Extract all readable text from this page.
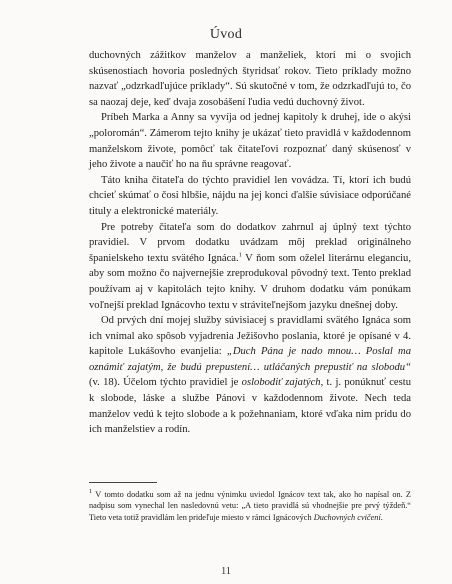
Úvod

duchovných zážitkov manželov a manželiek, ktorí mi o svojich skúsenostiach hovoria posledných štyridsať rokov. Tieto príklady možno nazvať „odzrkadľujúce príklady“. Sú skutočné v tom, že odzrkadľujú to, čo sa naozaj deje, keď dvaja zosobášení ľudia vedú duchovný život.

Príbeh Marka a Anny sa vyvíja od jednej kapitoly k druhej, ide o akýsi „poloromán“. Zámerom tejto knihy je ukázať tieto pravidlá v každodennom manželskom živote, pomôcť tak čitateľovi rozpoznať daný skúsenosť v jeho živote a naučiť ho na ňu správne reagovať.

Táto kniha čitateľa do týchto pravidiel len vovádza. Tí, ktorí ich budú chcieť skúmať o čosi hlbšie, nájdu na jej konci ďalšie súvisiace odporúčané tituly a elektronické materiály.

Pre potreby čitateľa som do dodatkov zahrnul aj úplný text týchto pravidiel. V prvom dodatku uvádzam môj preklad originálneho španielskeho textu svätého Ignáca.$^1$ V ňom som oželel literárnu eleganciu, aby som možno čo najvernejšie zreprodukoval pôvodný text. Tento preklad používam aj v kapitolách tejto knihy. V druhom dodatku vám ponúkam voľnejší preklad Ignácovho textu v stráviteľnejšom jazyku dnešnej doby.

Od prvých dní mojej služby súvisiacej s pravidlami svätého Ignáca som ich vnímal ako spôsob vyjadrenia Ježišovho poslania, ktoré je opísané v 4. kapitole Lukášovho evanjelia: „Duch Pána je nado mnou… Poslal ma oznámiť zajatým, že budú prepustení… utláčaných prepustiť na slobodu“ (v. 18). Účelom týchto pravidiel je oslobodiť zajatých, t. j. ponúknuť cestu k slobode, láske a službe Pánovi v každodennom živote. Nech teda manželov vedú k tejto slobode a k požehnaniam, ktoré vďaka nim prídu do ich manželstiev a rodín.

$^1$ V tomto dodatku som až na jednu výnimku uviedol Ignácov text tak, ako ho napísal on. Z nadpisu som vynechal len nasledovnú vetu: „A tieto pravidlá sú vhodnejšie pre prvý týždeň.“ Tieto veta totiž pravidlám len prideľuje miesto v rámci Ignácových Duchovných cvičení.
11
